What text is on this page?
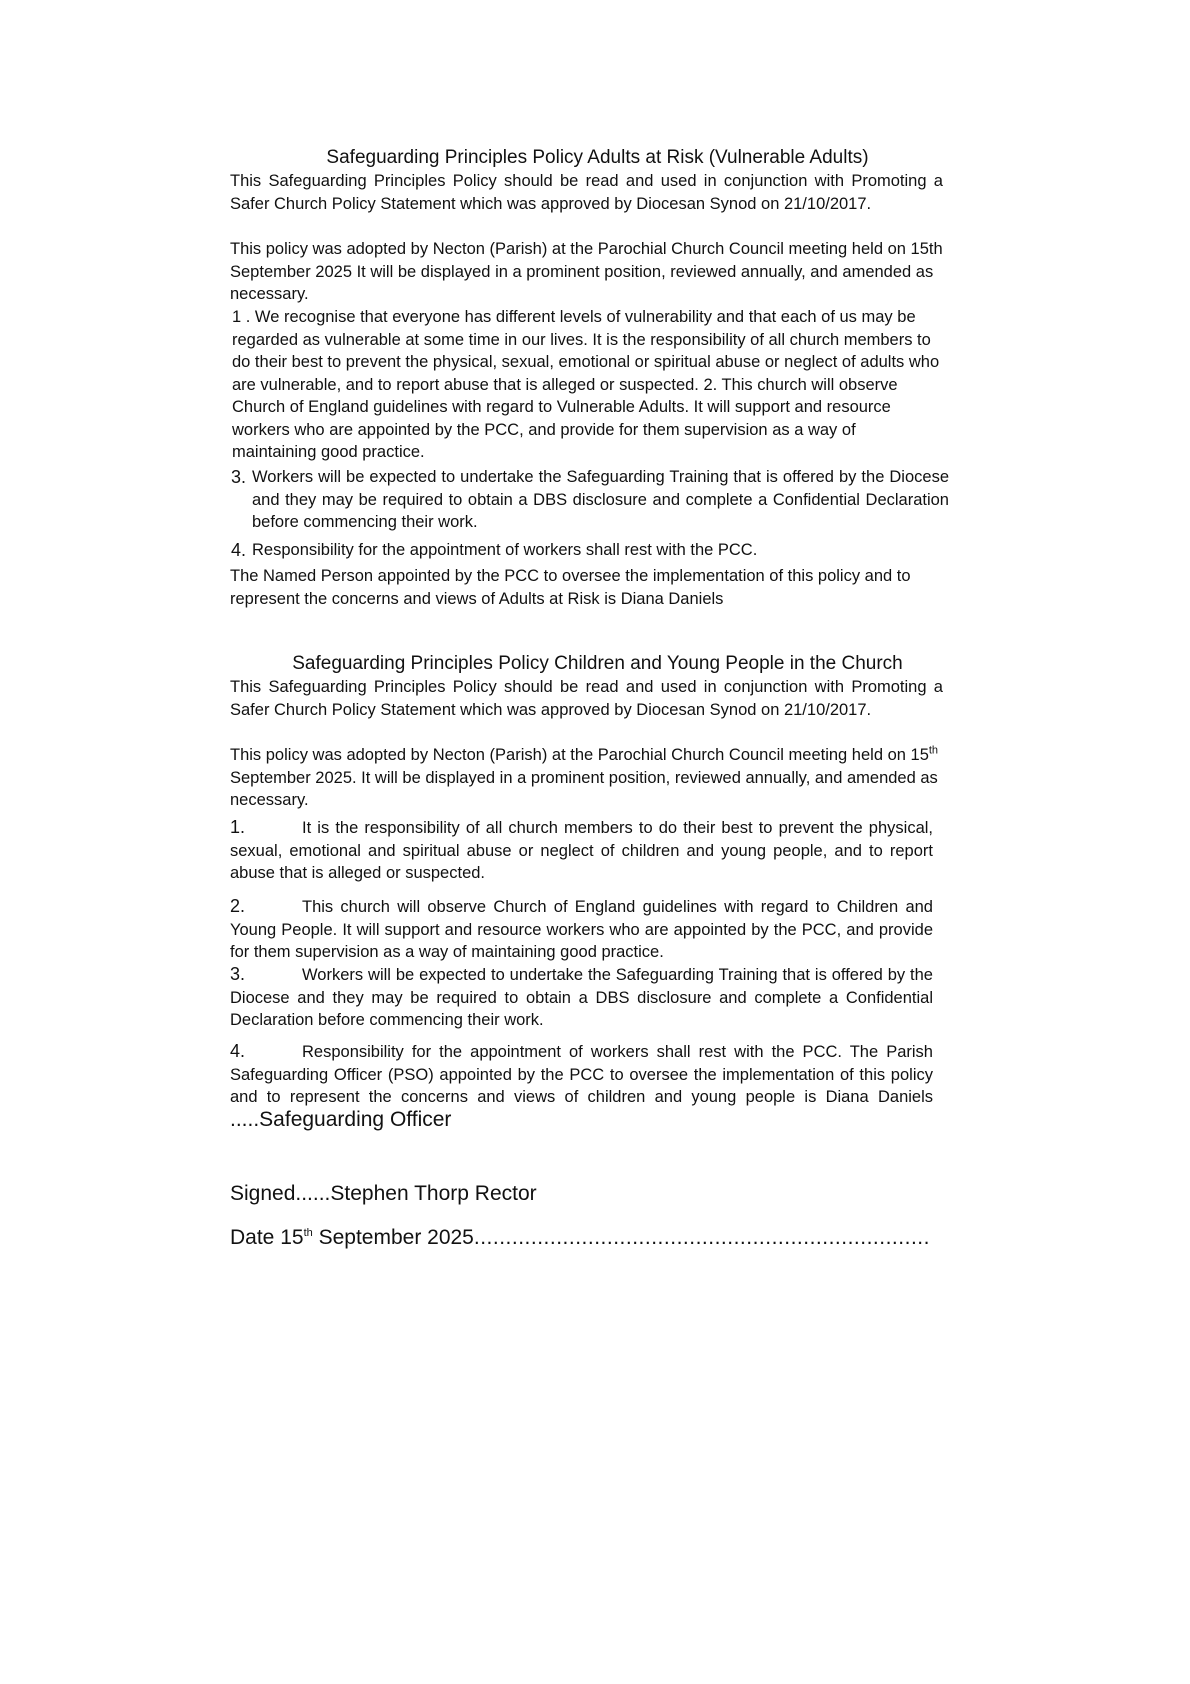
Safeguarding Principles Policy Adults at Risk (Vulnerable Adults)

This Safeguarding Principles Policy should be read and used in conjunction with Promoting a Safer Church Policy Statement which was approved by Diocesan Synod on 21/10/2017.

This policy was adopted by Necton (Parish) at the Parochial Church Council meeting held on 15th September 2025 It will be displayed in a prominent position, reviewed annually, and amended as necessary.

1 . We recognise that everyone has different levels of vulnerability and that each of us may be regarded as vulnerable at some time in our lives. It is the responsibility of all church members to do their best to prevent the physical, sexual, emotional or spiritual abuse or neglect of adults who are vulnerable, and to report abuse that is alleged or suspected. 2. This church will observe Church of England guidelines with regard to Vulnerable Adults. It will support and resource workers who are appointed by the PCC, and provide for them supervision as a way of maintaining good practice.

3. Workers will be expected to undertake the Safeguarding Training that is offered by the Diocese and they may be required to obtain a DBS disclosure and complete a Confidential Declaration before commencing their work.

4. Responsibility for the appointment of workers shall rest with the PCC.

The Named Person appointed by the PCC to oversee the implementation of this policy and to represent the concerns and views of Adults at Risk is Diana Daniels

Safeguarding Principles Policy Children and Young People in the Church

This Safeguarding Principles Policy should be read and used in conjunction with Promoting a Safer Church Policy Statement which was approved by Diocesan Synod on 21/10/2017.

This policy was adopted by Necton (Parish) at the Parochial Church Council meeting held on 15th September 2025. It will be displayed in a prominent position, reviewed annually, and amended as necessary.

1.	It is the responsibility of all church members to do their best to prevent the physical, sexual, emotional and spiritual abuse or neglect of children and young people, and to report abuse that is alleged or suspected.

2.	This church will observe Church of England guidelines with regard to Children and Young People. It will support and resource workers who are appointed by the PCC, and provide for them supervision as a way of maintaining good practice.

3.	Workers will be expected to undertake the Safeguarding Training that is offered by the Diocese and they may be required to obtain a DBS disclosure and complete a Confidential Declaration before commencing their work.

4.	Responsibility for the appointment of workers shall rest with the PCC. The Parish Safeguarding Officer (PSO) appointed by the PCC to oversee the implementation of this policy and to represent the concerns and views of children and young people is Diana Daniels .....Safeguarding Officer

Signed......Stephen Thorp Rector

Date 15th September 2025........................................................................
